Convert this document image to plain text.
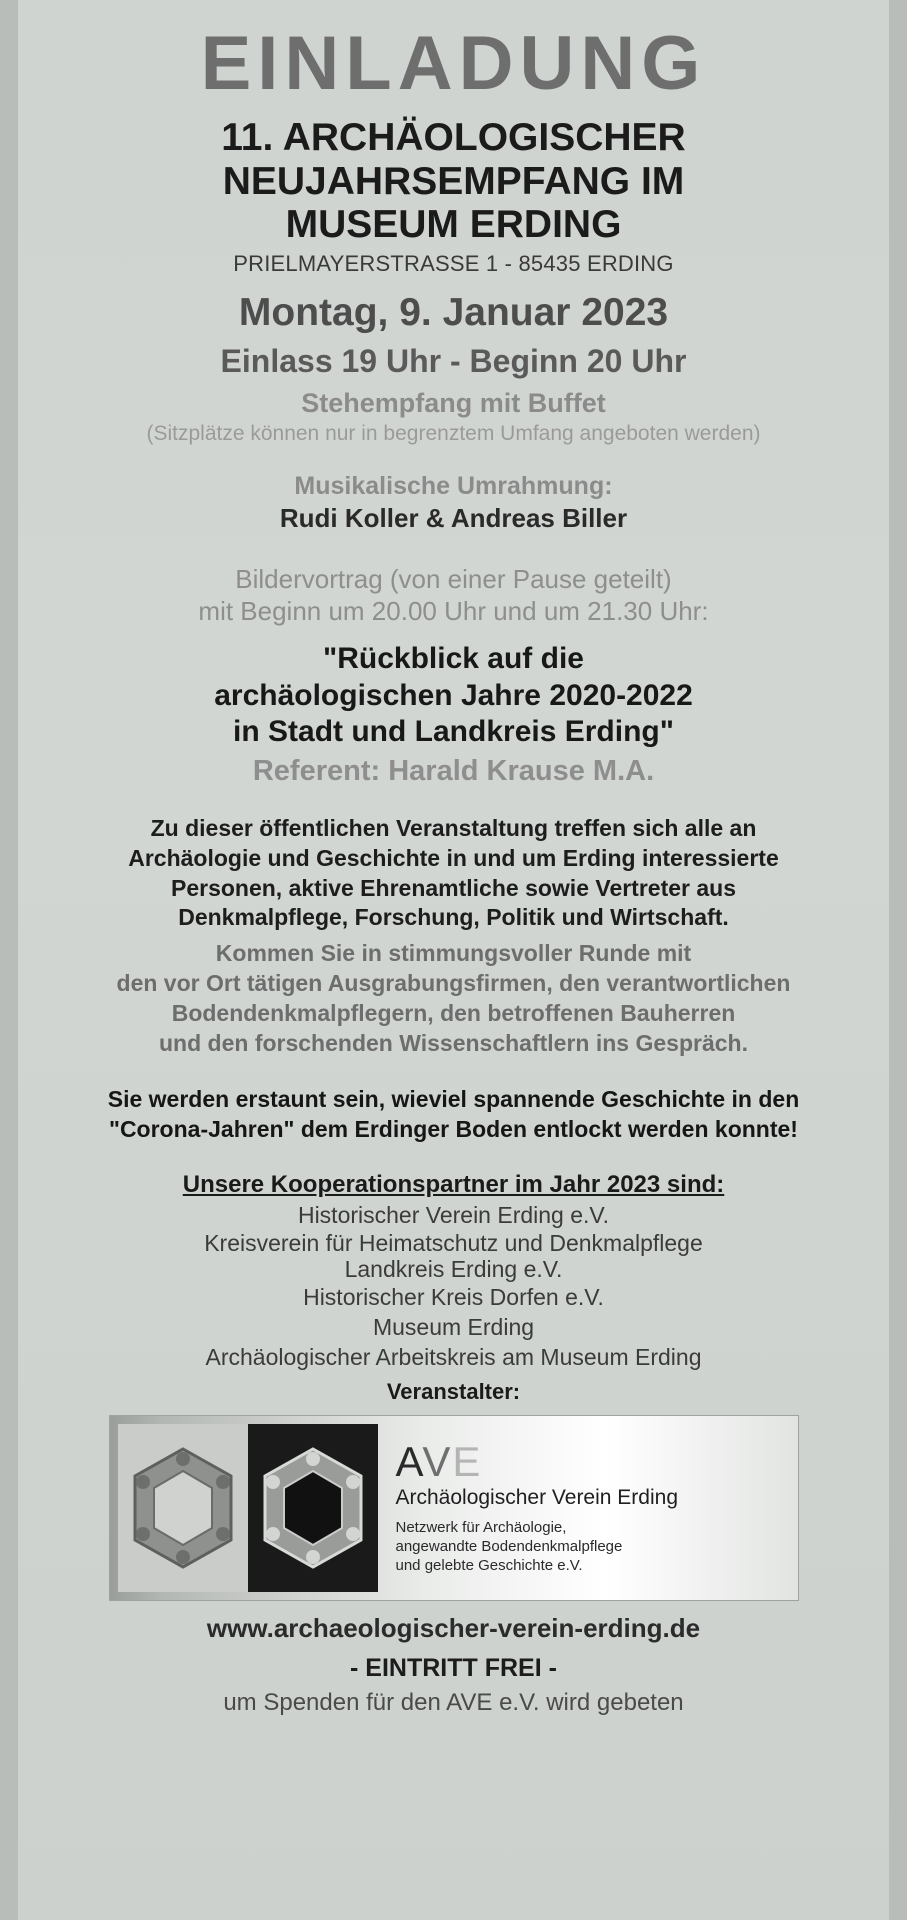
EINLADUNG
11. ARCHÄOLOGISCHER
NEUJAHRSEMPFANG IM
MUSEUM ERDING
PRIELMAYERSTRASSE 1 - 85435 ERDING
Montag, 9. Januar 2023
Einlass 19 Uhr - Beginn 20 Uhr
Stehempfang mit Buffet
(Sitzplätze können nur in begrenztem Umfang angeboten werden)
Musikalische Umrahmung:
Rudi Koller & Andreas Biller
Bildervortrag (von einer Pause geteilt)
mit Beginn um 20.00 Uhr und um 21.30 Uhr:
"Rückblick auf die
archäologischen Jahre 2020-2022
in Stadt und Landkreis Erding"
Referent: Harald Krause M.A.
Zu dieser öffentlichen Veranstaltung treffen sich alle an
Archäologie und Geschichte in und um Erding interessierte
Personen, aktive Ehrenamtliche sowie Vertreter aus
Denkmalpflege, Forschung, Politik und Wirtschaft.
Kommen Sie in stimmungsvoller Runde mit
den vor Ort tätigen Ausgrabungsfirmen, den verantwortlichen
Bodendenkmalpflegern, den betroffenen Bauherren
und den forschenden Wissenschaftlern ins Gespräch.
Sie werden erstaunt sein, wieviel spannende Geschichte in den
"Corona-Jahren" dem Erdinger Boden entlockt werden konnte!
Unsere Kooperationspartner im Jahr 2023 sind:
Historischer Verein Erding e.V.
Kreisverein für Heimatschutz und Denkmalpflege
Landkreis Erding e.V.
Historischer Kreis Dorfen e.V.
Museum Erding
Archäologischer Arbeitskreis am Museum Erding
Veranstalter:
AVE
Archäologischer Verein Erding
Netzwerk für Archäologie,
angewandte Bodendenkmalpflege
und gelebte Geschichte e.V.
www.archaeologischer-verein-erding.de
- EINTRITT FREI -
um Spenden für den AVE e.V. wird gebeten
